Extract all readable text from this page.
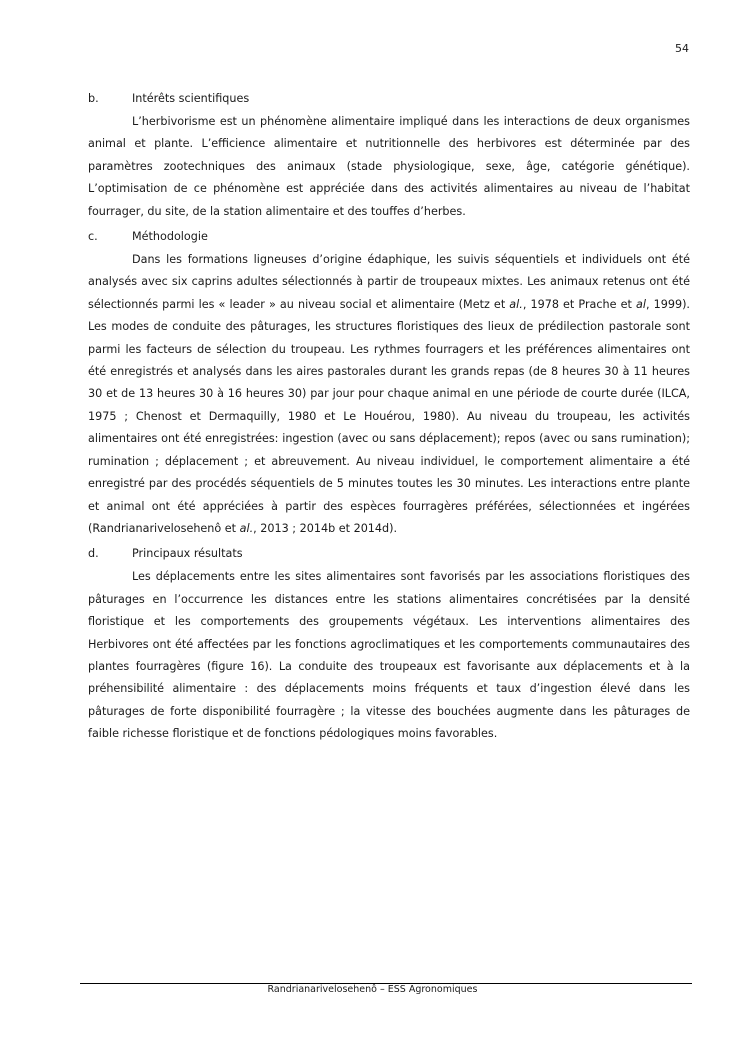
54
b.	Intérêts scientifiques

L’herbivorisme est un phénomène alimentaire impliqué dans les interactions de deux organismes animal et plante. L’efficience alimentaire et nutritionnelle des herbivores est déterminée par des paramètres zootechniques des animaux (stade physiologique, sexe, âge, catégorie génétique). L’optimisation de ce phénomène est appréciée dans des activités alimentaires au niveau de l’habitat fourrager, du site, de la station alimentaire et des touffes d’herbes.

c.	Méthodologie

Dans les formations ligneuses d’origine édaphique, les suivis séquentiels et individuels ont été analysés avec six caprins adultes sélectionnés à partir de troupeaux mixtes. Les animaux retenus ont été sélectionnés parmi les « leader » au niveau social et alimentaire (Metz et al., 1978 et Prache et al, 1999). Les modes de conduite des pâturages, les structures floristiques des lieux de prédilection pastorale sont parmi les facteurs de sélection du troupeau. Les rythmes fourragers et les préférences alimentaires ont été enregistrés et analysés dans les aires pastorales durant les grands repas (de 8 heures 30 à 11 heures 30 et de 13 heures 30 à 16 heures 30) par jour pour chaque animal en une période de courte durée (ILCA, 1975 ; Chenost et Dermaquilly, 1980 et Le Houérou, 1980). Au niveau du troupeau, les activités alimentaires ont été enregistrées: ingestion (avec ou sans déplacement); repos (avec ou sans rumination); rumination ; déplacement ; et abreuvement. Au niveau individuel, le comportement alimentaire a été enregistré par des procédés séquentiels de 5 minutes toutes les 30 minutes. Les interactions entre plante et animal ont été appréciées à partir des espèces fourragères préférées, sélectionnées et ingérées (Randrianarivelosehenô et al., 2013 ; 2014b et 2014d).

d.	Principaux résultats

Les déplacements entre les sites alimentaires sont favorisés par les associations floristiques des pâturages en l’occurrence les distances entre les stations alimentaires concrétisées par la densité floristique et les comportements des groupements végétaux. Les interventions alimentaires des Herbivores ont été affectées par les fonctions agroclimatiques et les comportements communautaires des plantes fourragères (figure 16). La conduite des troupeaux est favorisante aux déplacements et à la préhensibilité alimentaire : des déplacements moins fréquents et taux d’ingestion élevé dans les pâturages de forte disponibilité fourragère ; la vitesse des bouchées augmente dans les pâturages de faible richesse floristique et de fonctions pédologiques moins favorables.

Randrianarivelosehenô – ESS Agronomiques
